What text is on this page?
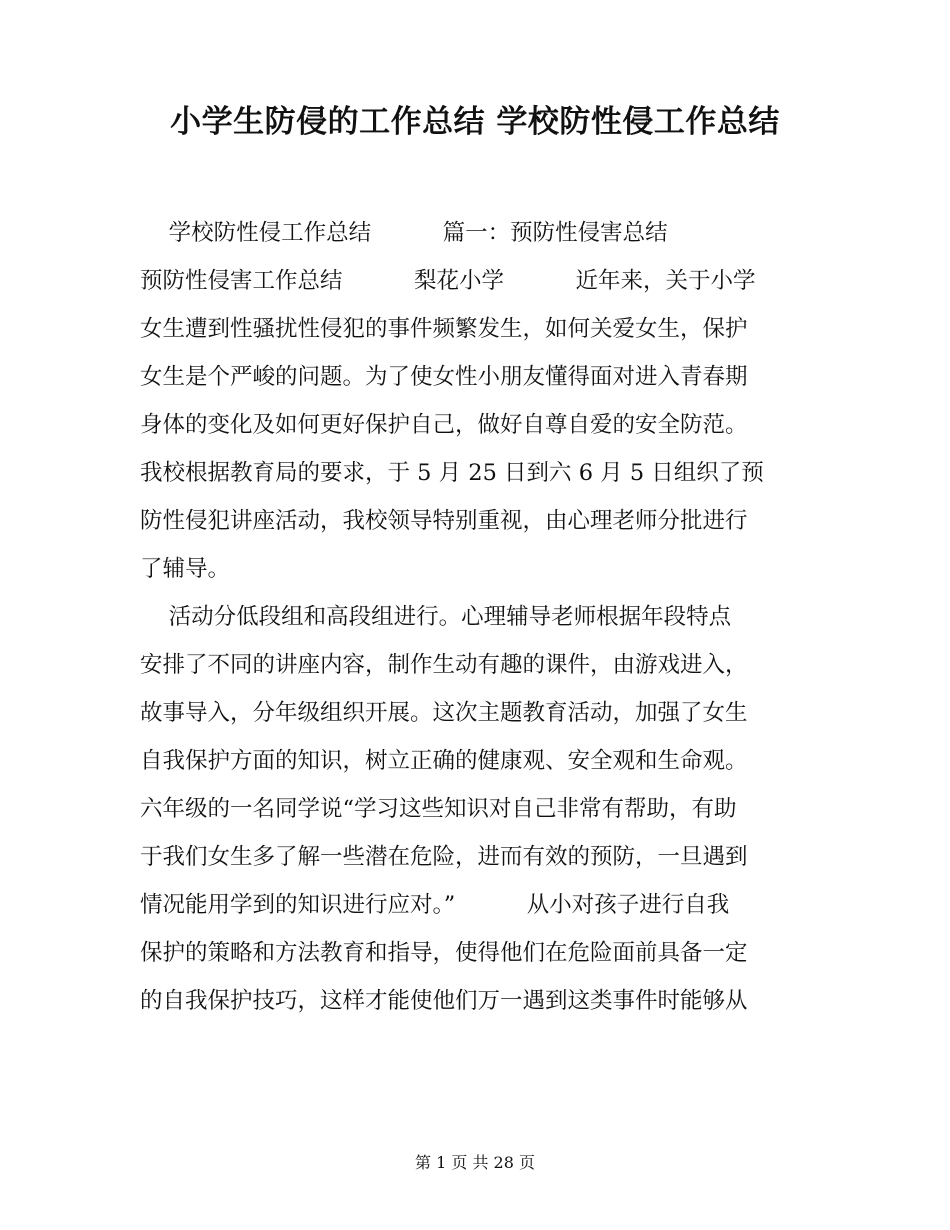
小学生防侵的工作总结 学校防性侵工作总结

学校防性侵工作总结          篇一：预防性侵害总结

预防性侵害工作总结          梨花小学          近年来，关于小学

女生遭到性骚扰性侵犯的事件频繁发生，如何关爱女生，保护

女生是个严峻的问题。为了使女性小朋友懂得面对进入青春期

身体的变化及如何更好保护自己，做好自尊自爱的安全防范。

我校根据教育局的要求，于 5 月 25 日到六 6 月 5 日组织了预

防性侵犯讲座活动，我校领导特别重视，由心理老师分批进行

了辅导。

活动分低段组和高段组进行。心理辅导老师根据年段特点

安排了不同的讲座内容，制作生动有趣的课件，由游戏进入，

故事导入，分年级组织开展。这次主题教育活动，加强了女生

自我保护方面的知识，树立正确的健康观、安全观和生命观。

六年级的一名同学说“学习这些知识对自己非常有帮助，有助

于我们女生多了解一些潜在危险，进而有效的预防，一旦遇到

情况能用学到的知识进行应对。”          从小对孩子进行自我

保护的策略和方法教育和指导，使得他们在危险面前具备一定

的自我保护技巧，这样才能使他们万一遇到这类事件时能够从

第 1 页 共 28 页
